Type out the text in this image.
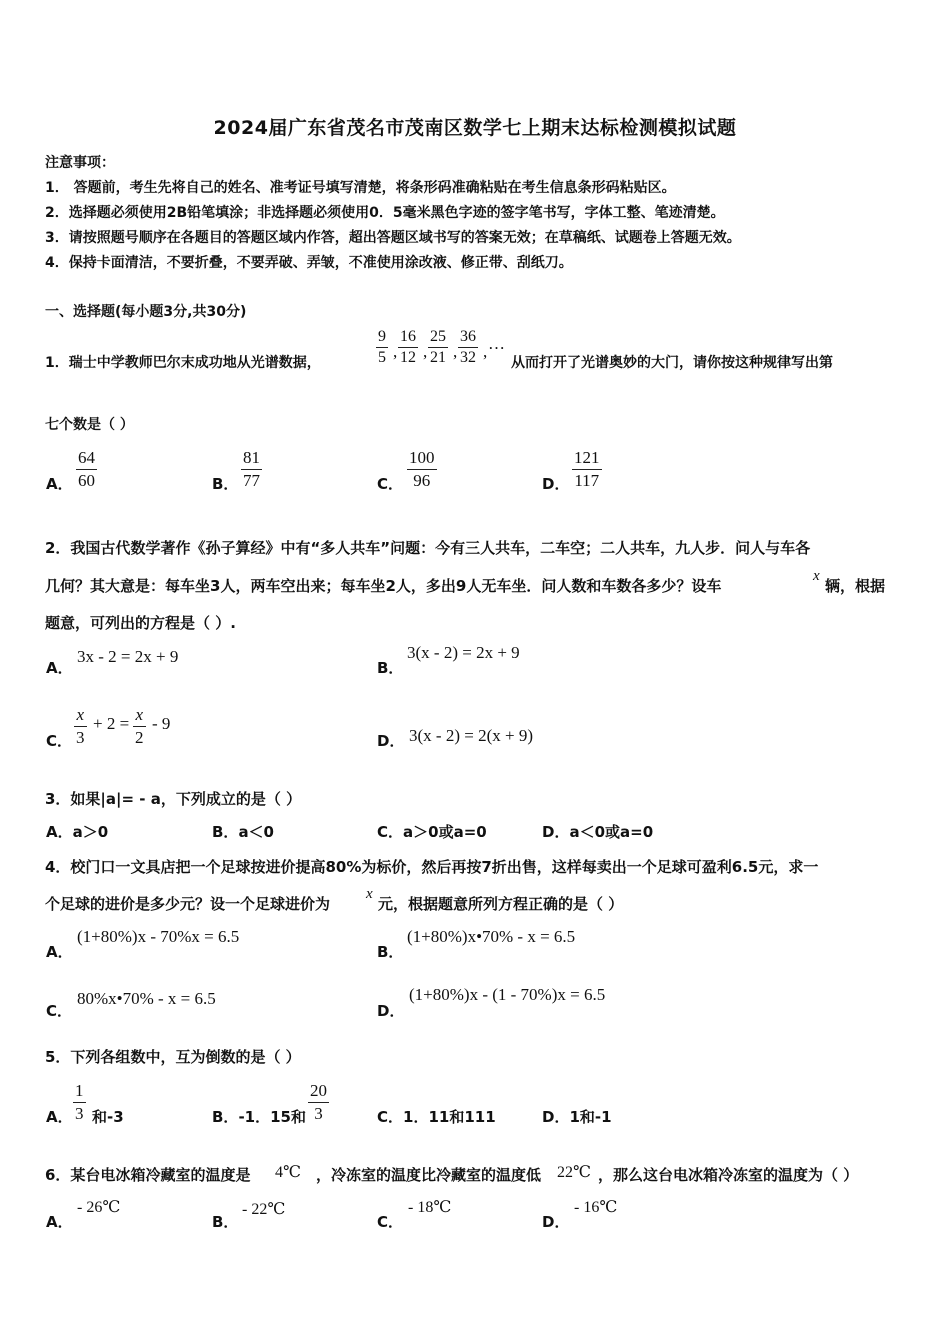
2024届广东省茂名市茂南区数学七上期末达标检测模拟试题
注意事项：
1． 答题前，考生先将自己的姓名、准考证号填写清楚，将条形码准确粘贴在考生信息条形码粘贴区。
2．选择题必须使用2B铅笔填涂；非选择题必须使用0．5毫米黑色字迹的签字笔书写，字体工整、笔迹清楚。
3．请按照题号顺序在各题目的答题区域内作答，超出答题区域书写的答案无效；在草稿纸、试题卷上答题无效。
4．保持卡面清洁，不要折叠，不要弄破、弄皱，不准使用涂改液、修正带、刮纸刀。
一、选择题(每小题3分,共30分)
1．瑞士中学教师巴尔末成功地从光谱数据，	$\frac{9}{5}$ , $\frac{16}{12}$ , $\frac{25}{21}$ , $\frac{36}{32}$ , …
从而打开了光谱奥妙的大门，请你按这种规律写出第
七个数是（ ）
A． $\frac{64}{60}$	B． $\frac{81}{77}$	C． $\frac{100}{96}$	D． $\frac{121}{117}$
2．我国古代数学著作《孙子算经》中有“多人共车”问题：今有三人共车，二车空；二人共车，九人步．问人与车各
几何？其大意是：每车坐3人，两车空出来；每车坐2人，多出9人无车坐．问人数和车数各多少？设车
x
辆，根据
题意，可列出的方程是（ ）.
A．
3x - 2 = 2x + 9
B．
3(x - 2) = 2x + 9
C． $\frac{x}{3} + 2 = \frac{x}{2} - 9$
D． 3(x - 2) = 2(x + 9)
3．如果|a|= - a，下列成立的是（ ）
A．a＞0	B．a＜0	C．a＞0或a=0	D．a＜0或a=0
4．校门口一文具店把一个足球按进价提高80%为标价，然后再按7折出售，这样每卖出一个足球可盈利6.5元，求一
个足球的进价是多少元？设一个足球进价为
x
元，根据题意所列方程正确的是（ ）
A．
(1+80%)x - 70%x = 6.5
B．
(1+80%)x•70% - x = 6.5
C．
80%x•70% - x = 6.5
D．
(1+80%)x - (1 - 70%)x = 6.5
5．下列各组数中，互为倒数的是（ ）
A． $\frac{1}{3}$ 和-3	B．-1．15和 $\frac{20}{3}$	C．1．11和111	D．1和-1
6．某台电冰箱冷藏室的温度是 4℃ ，冷冻室的温度比冷藏室的温度低 22℃ ，那么这台电冰箱冷冻室的温度为（ ）
A．
- 26℃
B．
- 22℃
C．
- 18℃
D．
- 16℃
